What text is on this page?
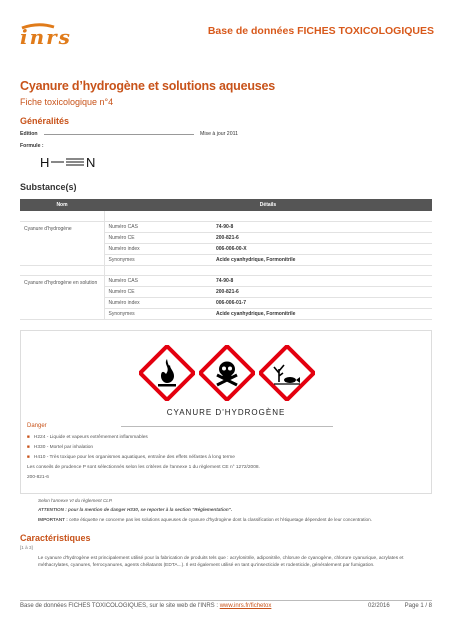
inrs	Base de données FICHES TOXICOLOGIQUES
Cyanure d’hydrogène et solutions aqueuses
Fiche toxicologique n°4
Généralités
Edition	Mise à jour 2011
Formule :
H	N
Substance(s)
Nom	Détails	

Cyanure d'hydrogène	Numéro CAS	74-90-8
	Numéro CE	200-821-6
	Numéro index	006-006-00-X
	Synonymes	Acide cyanhydrique, Formonitrile

Cyanure d'hydrogène en solution	Numéro CAS	74-90-8
	Numéro CE	200-821-6
	Numéro index	006-006-01-7
	Synonymes	Acide cyanhydrique, Formonitrile
CYANURE D'HYDROGÈNE
Danger
■ H224 - Liquide et vapeurs extrêmement inflammables
■ H330 - Mortel par inhalation
■ H410 - Très toxique pour les organismes aquatiques, entraîne des effets néfastes à long terme
Les conseils de prudence P sont sélectionnés selon les critères de l'annexe 1 du règlement CE n° 1272/2008.
200-821-6
Selon l'annexe VI du règlement CLP.
ATTENTION : pour la mention de danger H330, se reporter à la section "Réglementation".
IMPORTANT : cette étiquette ne concerne pas les solutions aqueuses de cyanure d'hydrogène dont la classification et l'étiquetage dépendent de leur concentration.
Caractéristiques
[1 à 3]
Le cyanure d'hydrogène est principalement utilisé pour la fabrication de produits tels que : acrylonitrile, adiponitrile, chlorure de cyanogène, chlorure cyanurique, acrylates et méthacrylates, cyanures, ferrocyanures, agents chélatants (EDTA...). Il est également utilisé en tant qu'insecticide et rodenticide, généralement par fumigation.
Base de données FICHES TOXICOLOGIQUES, sur le site web de l'INRS : www.inrs.fr/fichetox	02/2016 Page 1 / 8
